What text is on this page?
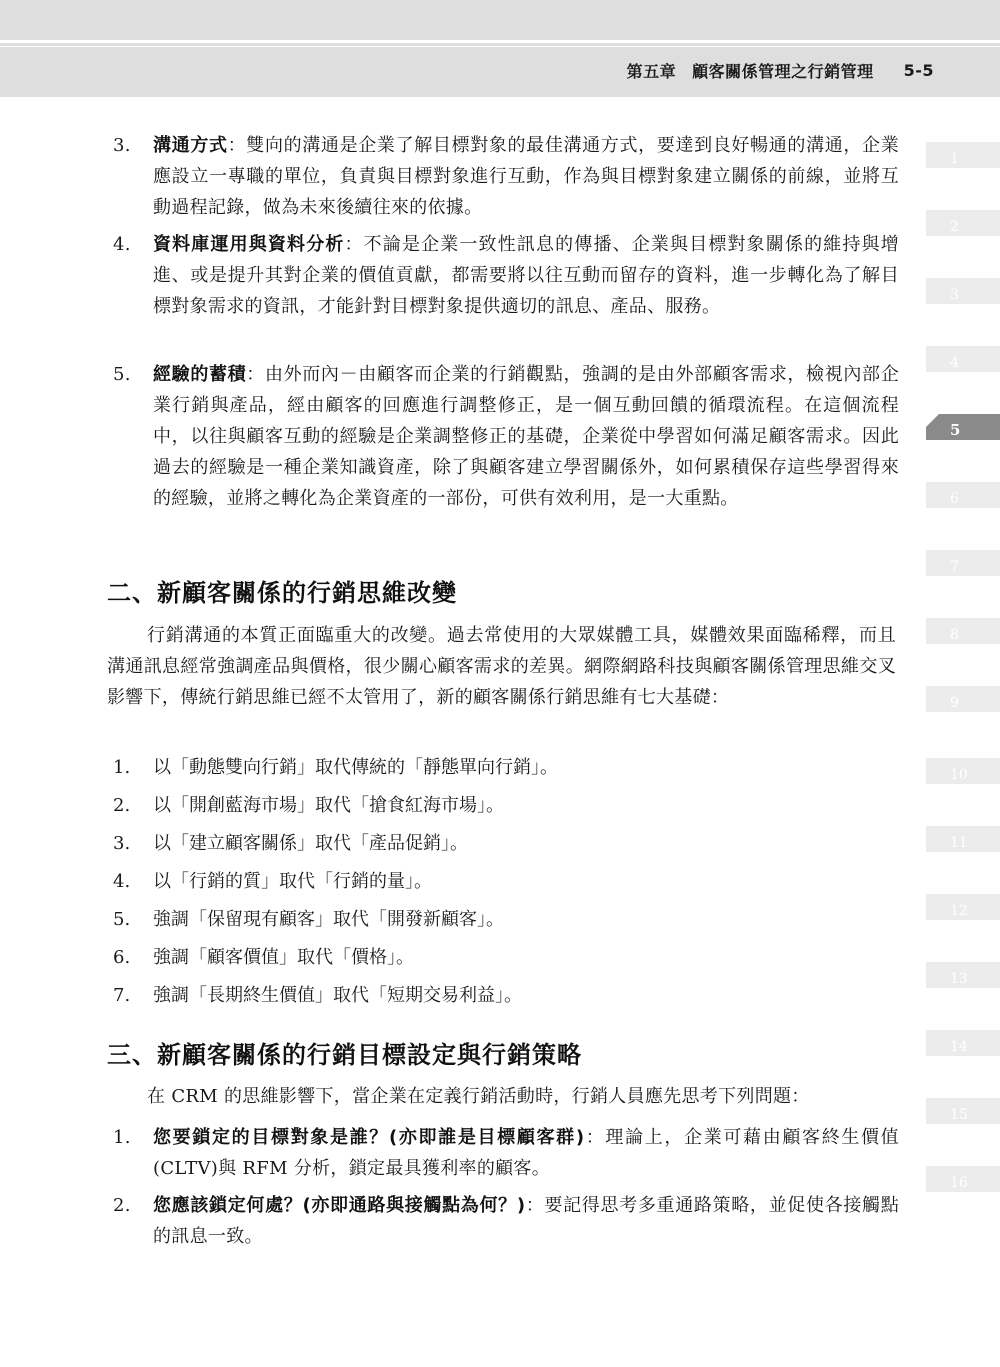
第五章 顧客關係管理之行銷管理 5-5
1
2
3
4
5
6
7
8
9
10
11
12
13
14
15
16
3.	溝通方式：雙向的溝通是企業了解目標對象的最佳溝通方式，要達到良好暢通的溝通，企業應設立一專職的單位，負責與目標對象進行互動，作為與目標對象建立關係的前線，並將互動過程記錄，做為未來後續往來的依據。
4.	資料庫運用與資料分析：不論是企業一致性訊息的傳播、企業與目標對象關係的維持與增進、或是提升其對企業的價值貢獻，都需要將以往互動而留存的資料，進一步轉化為了解目標對象需求的資訊，才能針對目標對象提供適切的訊息、產品、服務。
5.	經驗的蓄積：由外而內－由顧客而企業的行銷觀點，強調的是由外部顧客需求，檢視內部企業行銷與產品，經由顧客的回應進行調整修正，是一個互動回饋的循環流程。在這個流程中，以往與顧客互動的經驗是企業調整修正的基礎，企業從中學習如何滿足顧客需求。因此過去的經驗是一種企業知識資產，除了與顧客建立學習關係外，如何累積保存這些學習得來的經驗，並將之轉化為企業資產的一部份，可供有效利用，是一大重點。
二、新顧客關係的行銷思維改變
行銷溝通的本質正面臨重大的改變。過去常使用的大眾媒體工具，媒體效果面臨稀釋，而且溝通訊息經常強調產品與價格，很少關心顧客需求的差異。網際網路科技與顧客關係管理思維交叉影響下，傳統行銷思維已經不太管用了，新的顧客關係行銷思維有七大基礎：
1. 以「動態雙向行銷」取代傳統的「靜態單向行銷」。
2. 以「開創藍海市場」取代「搶食紅海市場」。
3. 以「建立顧客關係」取代「產品促銷」。
4. 以「行銷的質」取代「行銷的量」。
5. 強調「保留現有顧客」取代「開發新顧客」。
6. 強調「顧客價值」取代「價格」。
7. 強調「長期終生價值」取代「短期交易利益」。
三、新顧客關係的行銷目標設定與行銷策略
在 CRM 的思維影響下，當企業在定義行銷活動時，行銷人員應先思考下列問題：
1.	您要鎖定的目標對象是誰？(亦即誰是目標顧客群)：理論上，企業可藉由顧客終生價值(CLTV)與 RFM 分析，鎖定最具獲利率的顧客。
2.	您應該鎖定何處？(亦即通路與接觸點為何？)：要記得思考多重通路策略，並促使各接觸點的訊息一致。
